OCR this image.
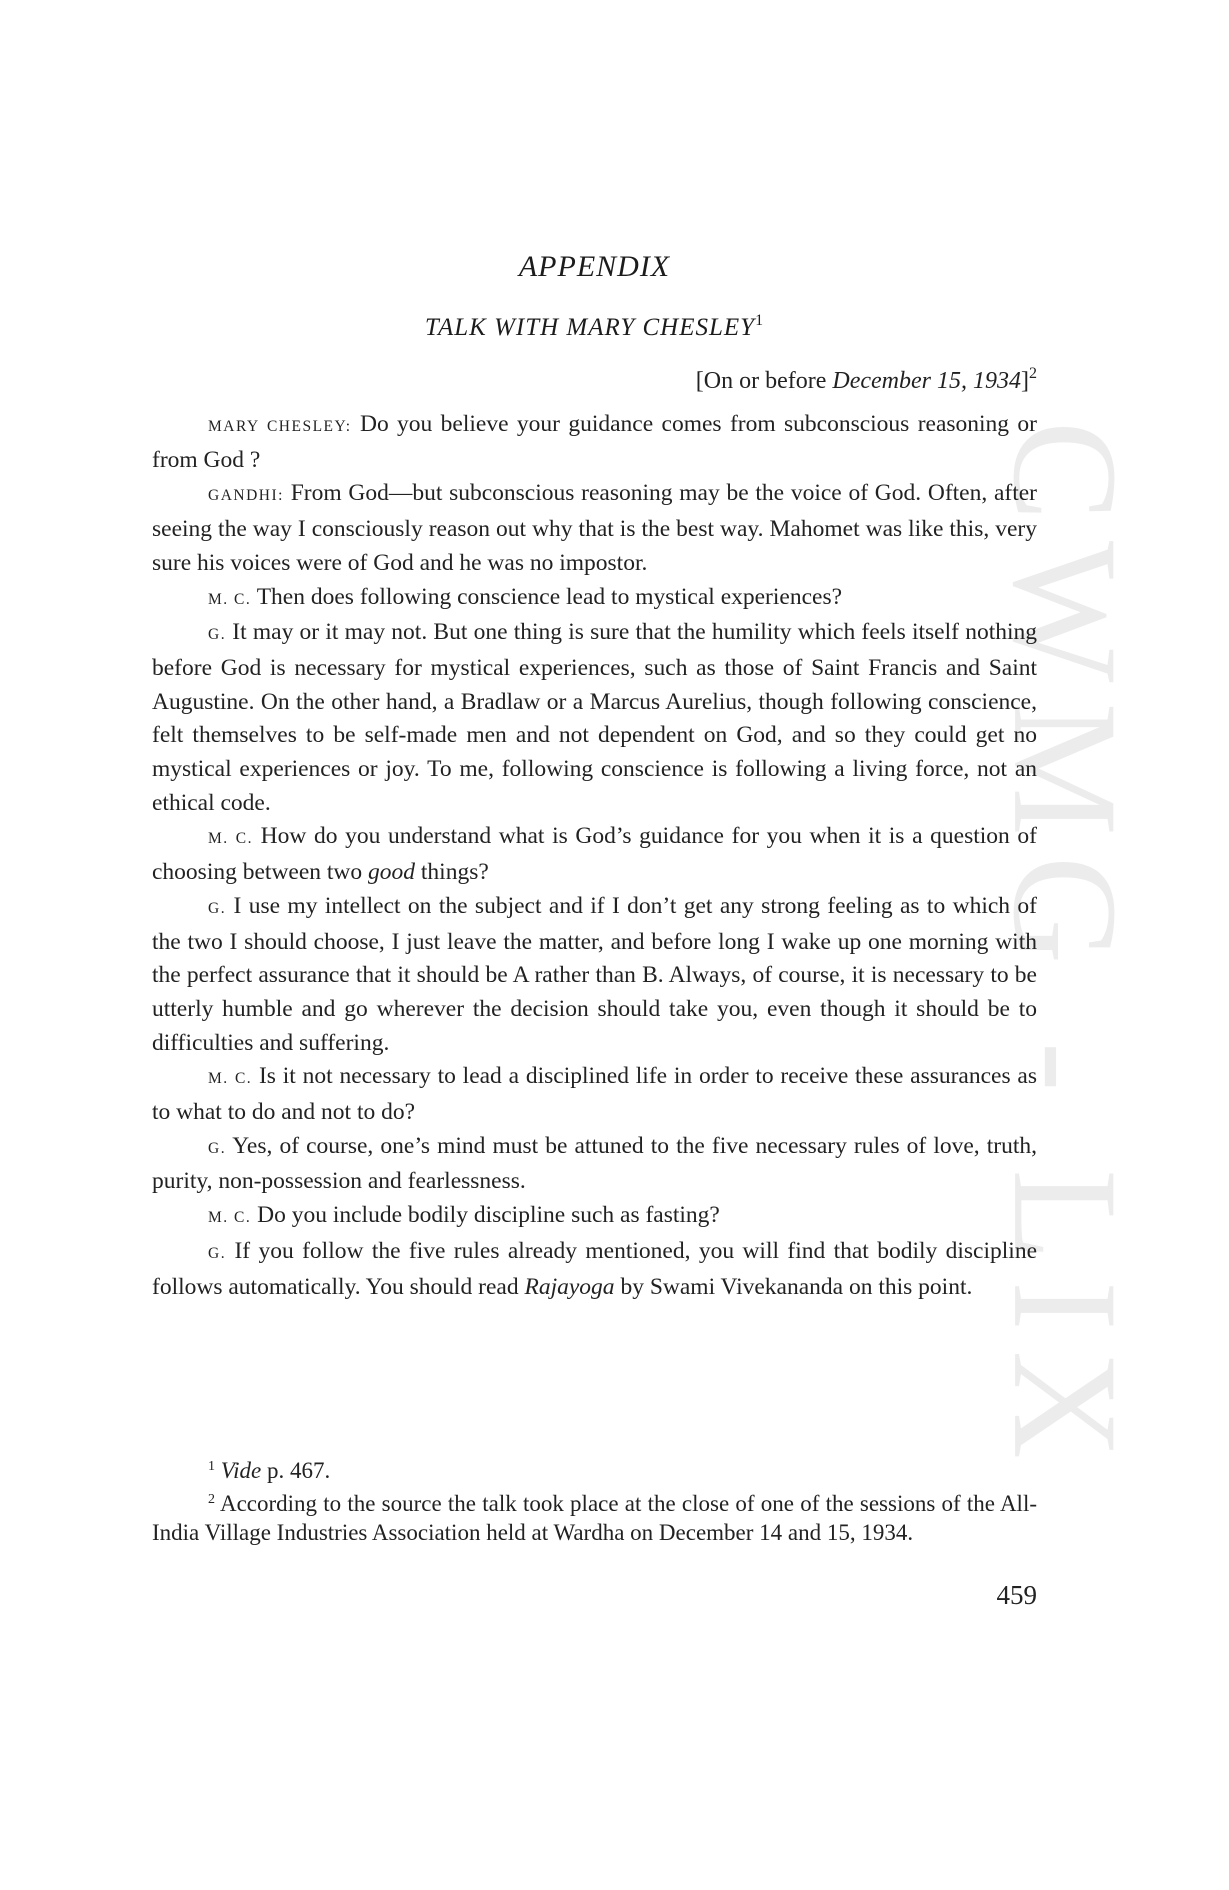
CWMG - LIX
APPENDIX
TALK WITH MARY CHESLEY$^1$
[On or before December 15, 1934]$^2$

MARY CHESLEY: Do you believe your guidance comes from subconscious reasoning or from God ?

GANDHI: From God—but subconscious reasoning may be the voice of God. Often, after seeing the way I consciously reason out why that is the best way. Mahomet was like this, very sure his voices were of God and he was no impostor.

M. C. Then does following conscience lead to mystical experiences?

G. It may or it may not. But one thing is sure that the humility which feels itself nothing before God is necessary for mystical experiences, such as those of Saint Francis and Saint Augustine. On the other hand, a Bradlaw or a Marcus Aurelius, though following conscience, felt themselves to be self-made men and not dependent on God, and so they could get no mystical experiences or joy. To me, following conscience is following a living force, not an ethical code.

M. C. How do you understand what is God’s guidance for you when it is a question of choosing between two good things?

G. I use my intellect on the subject and if I don’t get any strong feeling as to which of the two I should choose, I just leave the matter, and before long I wake up one morning with the perfect assurance that it should be A rather than B. Always, of course, it is necessary to be utterly humble and go wherever the decision should take you, even though it should be to difficulties and suffering.

M. C. Is it not necessary to lead a disciplined life in order to receive these assurances as to what to do and not to do?

G. Yes, of course, one’s mind must be attuned to the five necessary rules of love, truth, purity, non-possession and fearlessness.

M. C. Do you include bodily discipline such as fasting?

G. If you follow the five rules already mentioned, you will find that bodily discipline follows automatically. You should read Rajayoga by Swami Vivekananda on this point.

$^1$ Vide p. 467.

$^2$ According to the source the talk took place at the close of one of the sessions of the All-India Village Industries Association held at Wardha on December 14 and 15, 1934.

459
